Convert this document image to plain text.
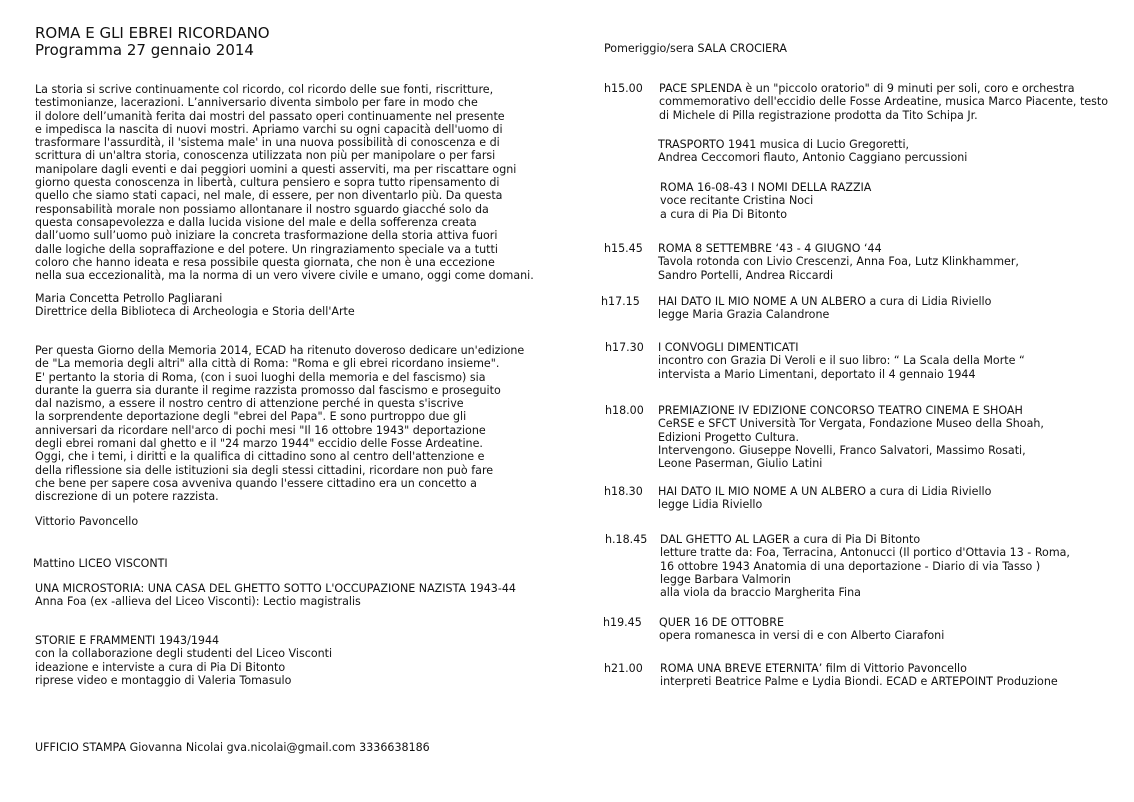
ROMA E GLI EBREI RICORDANO
Programma 27 gennaio 2014
La storia si scrive continuamente col ricordo, col ricordo delle sue fonti, riscritture,
testimonianze, lacerazioni. L’anniversario diventa simbolo per fare in modo che
il dolore dell’umanità ferita dai mostri del passato operi continuamente nel presente
e impedisca la nascita di nuovi mostri. Apriamo varchi su ogni capacità dell'uomo di
trasformare l'assurdità, il 'sistema male' in una nuova possibilità di conoscenza e di
scrittura di un'altra storia, conoscenza utilizzata non più per manipolare o per farsi
manipolare dagli eventi e dai peggiori uomini a questi asserviti, ma per riscattare ogni
giorno questa conoscenza in libertà, cultura pensiero e sopra tutto ripensamento di
quello che siamo stati capaci, nel male, di essere, per non diventarlo più. Da questa
responsabilità morale non possiamo allontanare il nostro sguardo giacché solo da
questa consapevolezza e dalla lucida visione del male e della sofferenza creata
dall’uomo sull’uomo può iniziare la concreta trasformazione della storia attiva fuori
dalle logiche della sopraffazione e del potere. Un ringraziamento speciale va a tutti
coloro che hanno ideata e resa possibile questa giornata, che non è una eccezione
nella sua eccezionalità, ma la norma di un vero vivere civile e umano, oggi come domani.
Maria Concetta Petrollo Pagliarani
Direttrice della Biblioteca di Archeologia e Storia dell'Arte
Per questa Giorno della Memoria 2014, ECAD ha ritenuto doveroso dedicare un'edizione
de "La memoria degli altri" alla città di Roma: "Roma e gli ebrei ricordano insieme".
E' pertanto la storia di Roma, (con i suoi luoghi della memoria e del fascismo) sia
durante la guerra sia durante il regime razzista promosso dal fascismo e proseguito
dal nazismo, a essere il nostro centro di attenzione perché in questa s'iscrive
la sorprendente deportazione degli "ebrei del Papa". E sono purtroppo due gli
anniversari da ricordare nell'arco di pochi mesi "Il 16 ottobre 1943" deportazione
degli ebrei romani dal ghetto e il "24 marzo 1944" eccidio delle Fosse Ardeatine.
Oggi, che i temi, i diritti e la qualifica di cittadino sono al centro dell'attenzione e
della riflessione sia delle istituzioni sia degli stessi cittadini, ricordare non può fare
che bene per sapere cosa avveniva quando l'essere cittadino era un concetto a
discrezione di un potere razzista.
Vittorio Pavoncello
Mattino LICEO VISCONTI
UNA MICROSTORIA: UNA CASA DEL GHETTO SOTTO L'OCCUPAZIONE NAZISTA 1943-44
Anna Foa (ex -allieva del Liceo Visconti): Lectio magistralis
STORIE E FRAMMENTI 1943/1944
con la collaborazione degli studenti del Liceo Visconti
ideazione e interviste a cura di Pia Di Bitonto
riprese video e montaggio di Valeria Tomasulo
UFFICIO STAMPA Giovanna Nicolai gva.nicolai@gmail.com 3336638186
Pomeriggio/sera SALA CROCIERA
h15.00 PACE SPLENDA è un "piccolo oratorio" di 9 minuti per soli, coro e orchestra
commemorativo dell'eccidio delle Fosse Ardeatine, musica Marco Piacente, testo
di Michele di Pilla registrazione prodotta da Tito Schipa Jr.
TRASPORTO 1941 musica di Lucio Gregoretti,
Andrea Ceccomori flauto, Antonio Caggiano percussioni
ROMA 16-08-43 I NOMI DELLA RAZZIA
voce recitante Cristina Noci
a cura di Pia Di Bitonto
h15.45 ROMA 8 SETTEMBRE ‘43 - 4 GIUGNO ‘44
Tavola rotonda con Livio Crescenzi, Anna Foa, Lutz Klinkhammer,
Sandro Portelli, Andrea Riccardi
h17.15 HAI DATO IL MIO NOME A UN ALBERO a cura di Lidia Riviello
legge Maria Grazia Calandrone
h17.30 I CONVOGLI DIMENTICATI
incontro con Grazia Di Veroli e il suo libro: “ La Scala della Morte “
intervista a Mario Limentani, deportato il 4 gennaio 1944
h18.00 PREMIAZIONE IV EDIZIONE CONCORSO TEATRO CINEMA E SHOAH
CeRSE e SFCT Università Tor Vergata, Fondazione Museo della Shoah,
Edizioni Progetto Cultura.
Intervengono. Giuseppe Novelli, Franco Salvatori, Massimo Rosati,
Leone Paserman, Giulio Latini
h18.30 HAI DATO IL MIO NOME A UN ALBERO a cura di Lidia Riviello
legge Lidia Riviello
h.18.45 DAL GHETTO AL LAGER a cura di Pia Di Bitonto
letture tratte da: Foa, Terracina, Antonucci (Il portico d'Ottavia 13 - Roma,
16 ottobre 1943 Anatomia di una deportazione - Diario di via Tasso )
legge Barbara Valmorin
alla viola da braccio Margherita Fina
h19.45 QUER 16 DE OTTOBRE
opera romanesca in versi di e con Alberto Ciarafoni
h21.00 ROMA UNA BREVE ETERNITA’ film di Vittorio Pavoncello
interpreti Beatrice Palme e Lydia Biondi. ECAD e ARTEPOINT Produzione
